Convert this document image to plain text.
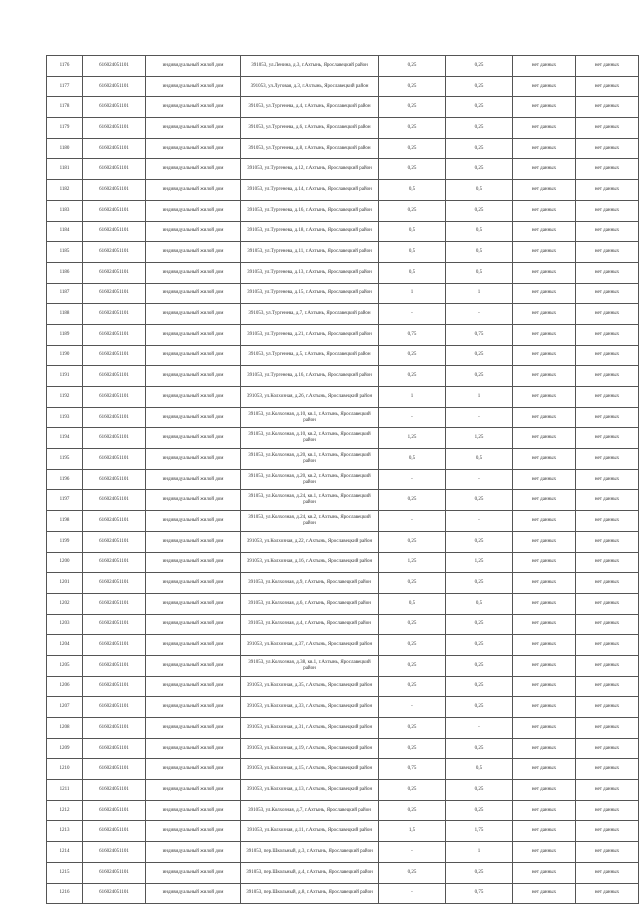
1176	616024051101	индивидуальный жилой дом	391053, ул.Ленина, д.3, г.Ахтынь, Ярославецкий район	0,25	0,25	нет данных	нет данных
1177	616024051101	индивидуальный жилой дом	391053, ул.Луговая, д.3, г.Ахтынь, Ярославецкий район	0,25	0,25	нет данных	нет данных
1178	616024051101	индивидуальный жилой дом	391053, ул.Тургенева, д.4, г.Ахтынь, Ярославецкий район	0,25	0,25	нет данных	нет данных
1179	616024051101	индивидуальный жилой дом	391053, ул.Тургенева, д.6, г.Ахтынь, Ярославецкий район	0,25	0,25	нет данных	нет данных
1180	616024051101	индивидуальный жилой дом	391053, ул.Тургенева, д.8, г.Ахтынь, Ярославецкий район	0,25	0,25	нет данных	нет данных
1181	616024051101	индивидуальный жилой дом	391053, ул.Тургенева, д.12, г.Ахтынь, Ярославецкий район	0,25	0,25	нет данных	нет данных
1182	616024051101	индивидуальный жилой дом	391053, ул.Тургенева, д.14, г.Ахтынь, Ярославецкий район	0,5	0,5	нет данных	нет данных
1183	616024051101	индивидуальный жилой дом	391053, ул.Тургенева, д.16, г.Ахтынь, Ярославецкий район	0,25	0,25	нет данных	нет данных
1184	616024051101	индивидуальный жилой дом	391053, ул.Тургенева, д.18, г.Ахтынь, Ярославецкий район	0,5	0,5	нет данных	нет данных
1185	616024051101	индивидуальный жилой дом	391053, ул.Тургенева, д.11, г.Ахтынь, Ярославецкий район	0,5	0,5	нет данных	нет данных
1186	616024051101	индивидуальный жилой дом	391053, ул.Тургенева, д.13, г.Ахтынь, Ярославецкий район	0,5	0,5	нет данных	нет данных
1187	616024051101	индивидуальный жилой дом	391053, ул.Тургенева, д.15, г.Ахтынь, Ярославецкий район	1	1	нет данных	нет данных
1188	616024051101	индивидуальный жилой дом	391053, ул.Тургенева, д.7, г.Ахтынь, Ярославецкий район	-	-	нет данных	нет данных
1189	616024051101	индивидуальный жилой дом	391053, ул.Тургенева, д.21, г.Ахтынь, Ярославецкий район	0,75	0,75	нет данных	нет данных
1190	616024051101	индивидуальный жилой дом	391053, ул.Тургенева, д.5, г.Ахтынь, Ярославецкий район	0,25	0,25	нет данных	нет данных
1191	616024051101	индивидуальный жилой дом	391053, ул.Тургенева, д.16, г.Ахтынь, Ярославецкий район	0,25	0,25	нет данных	нет данных
1192	616024051101	индивидуальный жилой дом	391053, ул.Колхозная, д.26, г.Ахтынь, Ярославецкий район	1	1	нет данных	нет данных
1193	616024051101	индивидуальный жилой дом	391053, ул.Колхозная, д.10, кв.1, г.Ахтынь, Ярославецкий район	-	-	нет данных	нет данных
1194	616024051101	индивидуальный жилой дом	391053, ул.Колхозная, д.10, кв.2, г.Ахтынь, Ярославецкий район	1,25	1,25	нет данных	нет данных
1195	616024051101	индивидуальный жилой дом	391053, ул.Колхозная, д.20, кв.1, г.Ахтынь, Ярославецкий район	0,5	0,5	нет данных	нет данных
1196	616024051101	индивидуальный жилой дом	391053, ул.Колхозная, д.20, кв.2, г.Ахтынь, Ярославецкий район	-	-	нет данных	нет данных
1197	616024051101	индивидуальный жилой дом	391053, ул.Колхозная, д.24, кв.1, г.Ахтынь, Ярославецкий район	0,25	0,25	нет данных	нет данных
1198	616024051101	индивидуальный жилой дом	391053, ул.Колхозная, д.24, кв.2, г.Ахтынь, Ярославецкий район	-	-	нет данных	нет данных
1199	616024051101	индивидуальный жилой дом	391053, ул.Колхозная, д.22, г.Ахтынь, Ярославецкий район	0,25	0,25	нет данных	нет данных
1200	616024051101	индивидуальный жилой дом	391053, ул.Колхозная, д.16, г.Ахтынь, Ярославецкий район	1,25	1,25	нет данных	нет данных
1201	616024051101	индивидуальный жилой дом	391053, ул.Колхозная, д.9, г.Ахтынь, Ярославецкий район	0,25	0,25	нет данных	нет данных
1202	616024051101	индивидуальный жилой дом	391053, ул.Колхозная, д.6, г.Ахтынь, Ярославецкий район	0,5	0,5	нет данных	нет данных
1203	616024051101	индивидуальный жилой дом	391053, ул.Колхозная, д.4, г.Ахтынь, Ярославецкий район	0,25	0,25	нет данных	нет данных
1204	616024051101	индивидуальный жилой дом	391053, ул.Колхозная, д.37, г.Ахтынь, Ярославецкий район	0,25	0,25	нет данных	нет данных
1205	616024051101	индивидуальный жилой дом	391053, ул.Колхозная, д.38, кв.1, г.Ахтынь, Ярославецкий район	0,25	0,25	нет данных	нет данных
1206	616024051101	индивидуальный жилой дом	391053, ул.Колхозная, д.35, г.Ахтынь, Ярославецкий район	0,25	0,25	нет данных	нет данных
1207	616024051101	индивидуальный жилой дом	391053, ул.Колхозная, д.33, г.Ахтынь, Ярославецкий район	-	0,25	нет данных	нет данных
1208	616024051101	индивидуальный жилой дом	391053, ул.Колхозная, д.31, г.Ахтынь, Ярославецкий район	0,25	-	нет данных	нет данных
1209	616024051101	индивидуальный жилой дом	391053, ул.Колхозная, д.19, г.Ахтынь, Ярославецкий район	0,25	0,25	нет данных	нет данных
1210	616024051101	индивидуальный жилой дом	391053, ул.Колхозная, д.15, г.Ахтынь, Ярославецкий район	0,75	0,5	нет данных	нет данных
1211	616024051101	индивидуальный жилой дом	391053, ул.Колхозная, д.13, г.Ахтынь, Ярославецкий район	0,25	0,25	нет данных	нет данных
1212	616024051101	индивидуальный жилой дом	391053, ул.Колхозная, д.7, г.Ахтынь, Ярославецкий район	0,25	0,25	нет данных	нет данных
1213	616024051101	индивидуальный жилой дом	391053, ул.Колхозная, д.11, г.Ахтынь, Ярославецкий район	1,5	1,75	нет данных	нет данных
1214	616024051101	индивидуальный жилой дом	391053, пер.Школьный, д.3, г.Ахтынь, Ярославецкий район	-	1	нет данных	нет данных
1215	616024051101	индивидуальный жилой дом	391053, пер.Школьный, д.4, г.Ахтынь, Ярославецкий район	0,25	0,25	нет данных	нет данных
1216	616024051101	индивидуальный жилой дом	391053, пер.Школьный, д.8, г.Ахтынь, Ярославецкий район	-	0,75	нет данных	нет данных
